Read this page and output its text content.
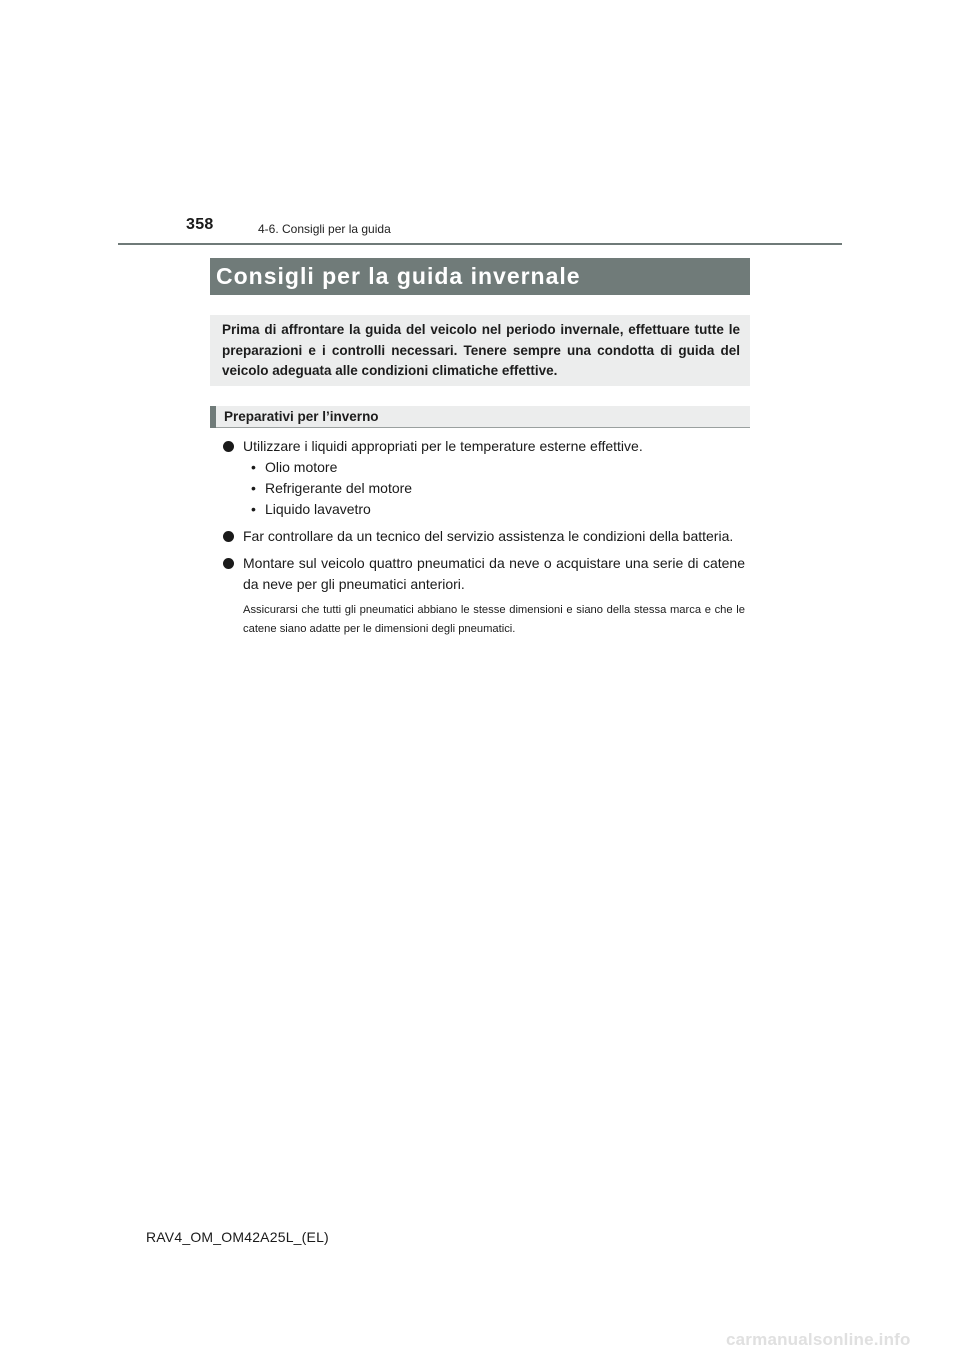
358	4-6. Consigli per la guida
Consigli per la guida invernale
Prima di affrontare la guida del veicolo nel periodo invernale, effettuare tutte le preparazioni e i controlli necessari. Tenere sempre una condotta di guida del veicolo adeguata alle condizioni climatiche effettive.
Preparativi per l’inverno
Utilizzare i liquidi appropriati per le temperature esterne effettive.
• Olio motore
• Refrigerante del motore
• Liquido lavavetro
Far controllare da un tecnico del servizio assistenza le condizioni della batteria.
Montare sul veicolo quattro pneumatici da neve o acquistare una serie di catene da neve per gli pneumatici anteriori.
Assicurarsi che tutti gli pneumatici abbiano le stesse dimensioni e siano della stessa marca e che le catene siano adatte per le dimensioni degli pneumatici.
RAV4_OM_OM42A25L_(EL)
carmanualsonline.info
